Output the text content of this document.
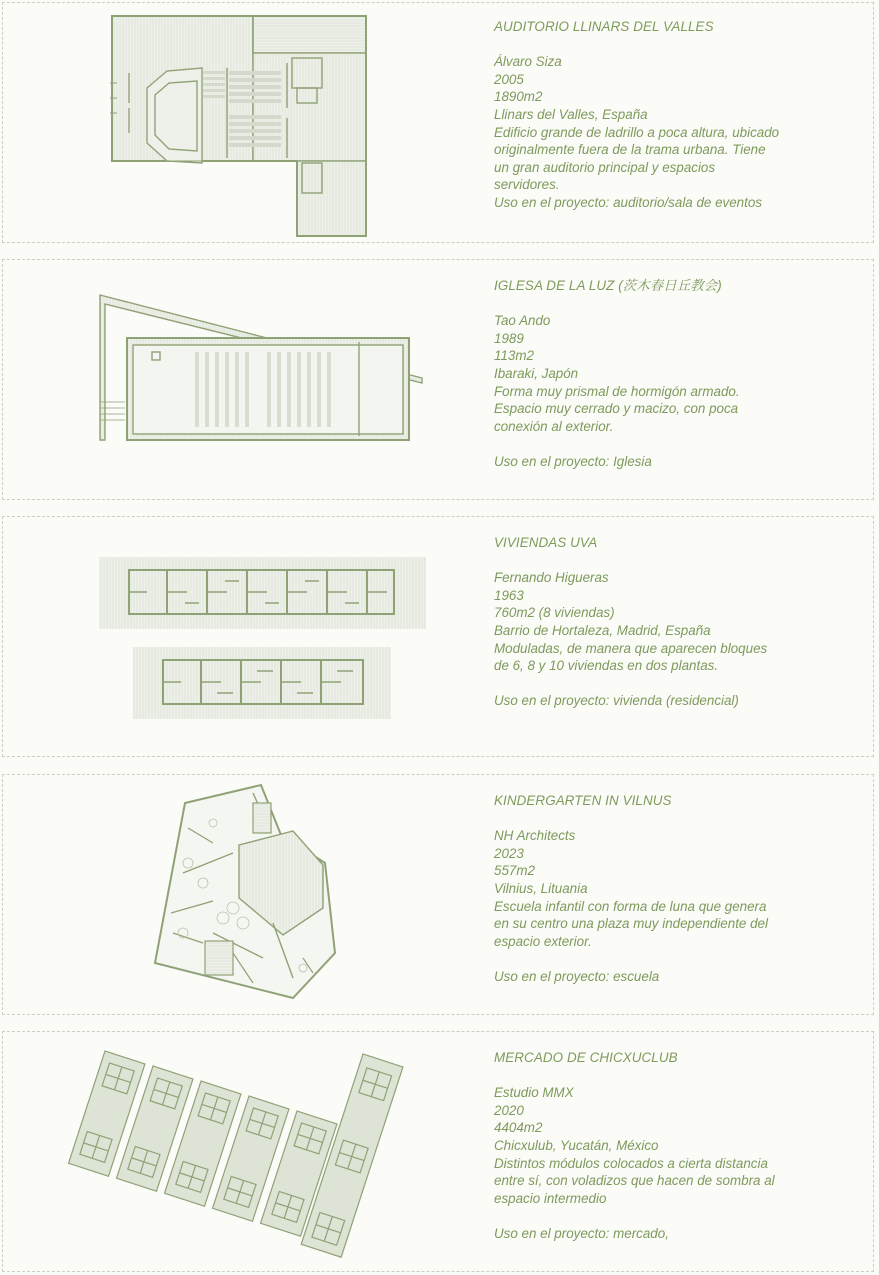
AUDITORIO LLINARS DEL VALLES
Álvaro Siza
2005
1890m2
Llinars del Valles, España
Edificio grande de ladrillo a poca altura, ubicado originalmente fuera de la trama urbana. Tiene un gran auditorio principal y espacios servidores.
Uso en el proyecto: auditorio/sala de eventos
IGLESA DE LA LUZ (茨木春日丘教会)
Tao Ando
1989
113m2
Ibaraki, Japón
Forma muy prismal de hormigón armado. Espacio muy cerrado y macizo, con poca conexión al exterior.
Uso en el proyecto: Iglesia
VIVIENDAS UVA
Fernando Higueras
1963
760m2 (8 viviendas)
Barrio de Hortaleza, Madrid, España
Moduladas, de manera que aparecen bloques de 6, 8 y 10 viviendas en dos plantas.
Uso en el proyecto: vivienda (residencial)
KINDERGARTEN IN VILNUS
NH Architects
2023
557m2
Vilnius, Lituania
Escuela infantil con forma de luna que genera en su centro una plaza muy independiente del espacio exterior.
Uso en el proyecto: escuela
MERCADO DE CHICXUCLUB
Estudio MMX
2020
4404m2
Chicxulub, Yucatán, México
Distintos módulos colocados a cierta distancia entre sí, con voladizos que hacen de sombra al espacio intermedio
Uso en el proyecto: mercado,
